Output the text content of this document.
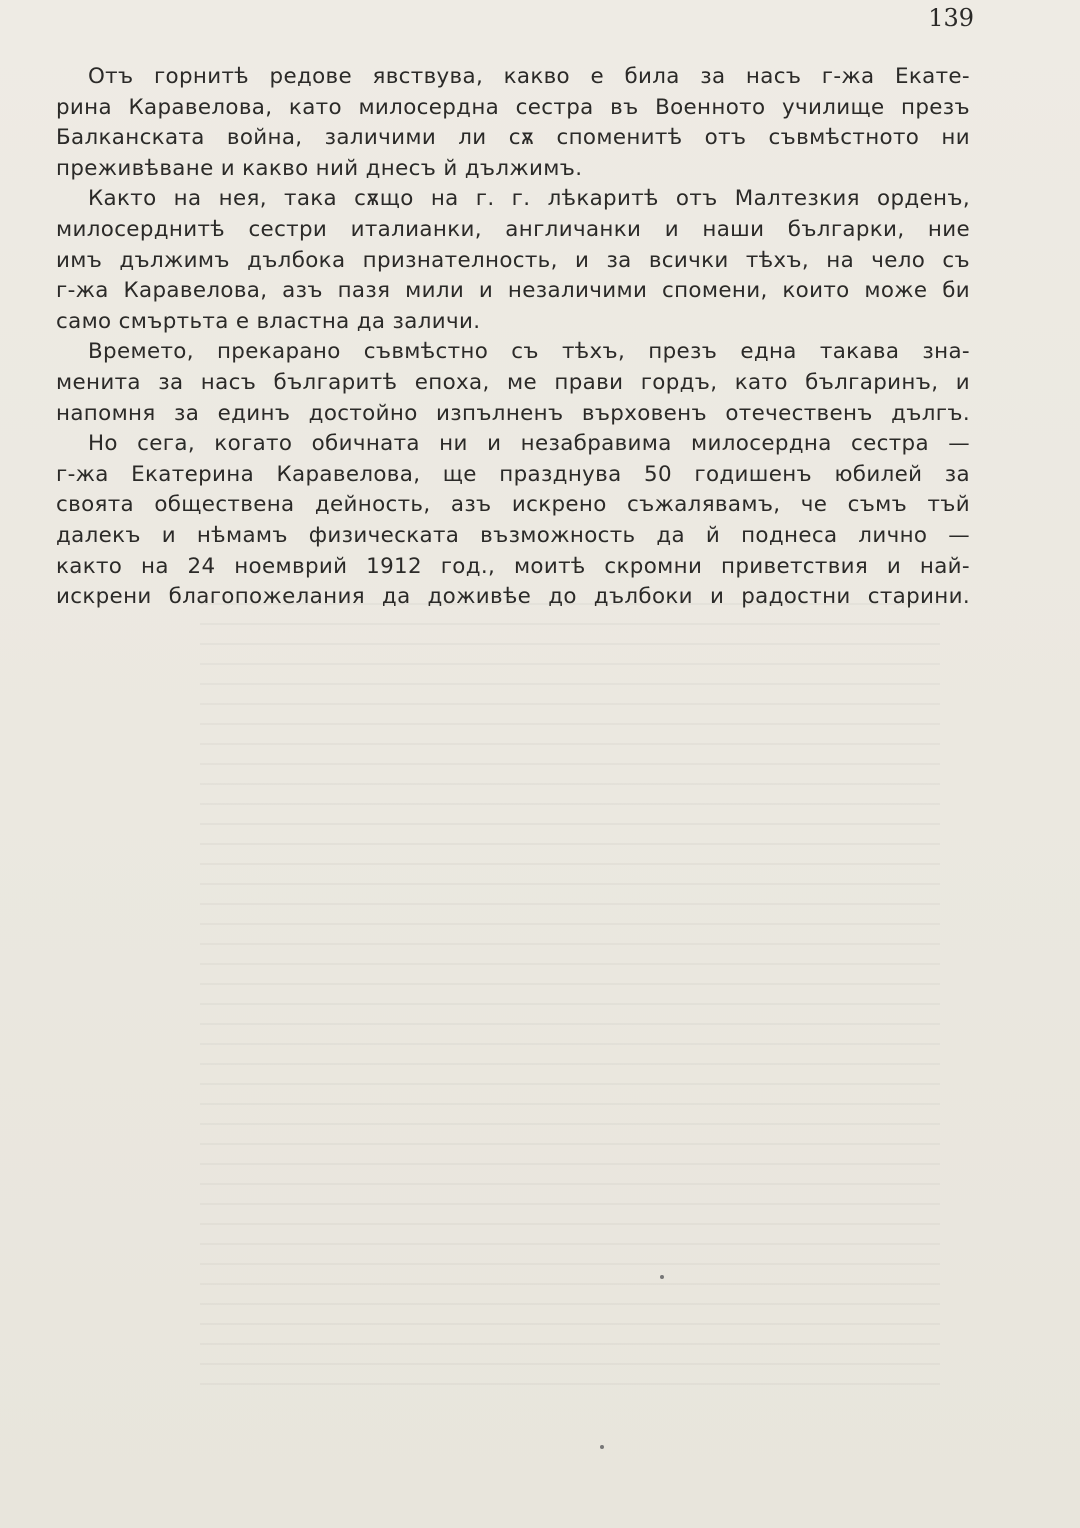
139

Отъ горнитѣ редове явствува, какво е била за насъ г-жа Екате-
рина Каравелова, като милосердна сестра въ Военното училище презъ
Балканската война, заличими ли сѫ споменитѣ отъ съвмѣстното ни
преживѣване и какво ний днесъ й дължимъ.

Както на нея, така сѫщо на г. г. лѣкаритѣ отъ Малтезкия орденъ,
милосерднитѣ сестри италианки, англичанки и наши българки, ние
имъ дължимъ дълбока признателность, и за всички тѣхъ, на чело съ
г-жа Каравелова, азъ пазя мили и незаличими спомени, които може би
само смъртьта е властна да заличи.

Времето, прекарано съвмѣстно съ тѣхъ, презъ една такава зна-
менита за насъ българитѣ епоха, ме прави гордъ, като българинъ, и
напомня за единъ достойно изпълненъ върховенъ отечественъ дългъ.

Но сега, когато обичната ни и незабравима милосердна сестра —
г-жа Екатерина Каравелова, ще празднува 50 годишенъ юбилей за
своята обществена дейность, азъ искрено съжалявамъ, че съмъ тъй
далекъ и нѣмамъ физическата възможность да й поднеса лично —
както на 24 ноемврий 1912 год., моитѣ скромни приветствия и най-
искрени благопожелания да доживѣе до дълбоки и радостни старини.
